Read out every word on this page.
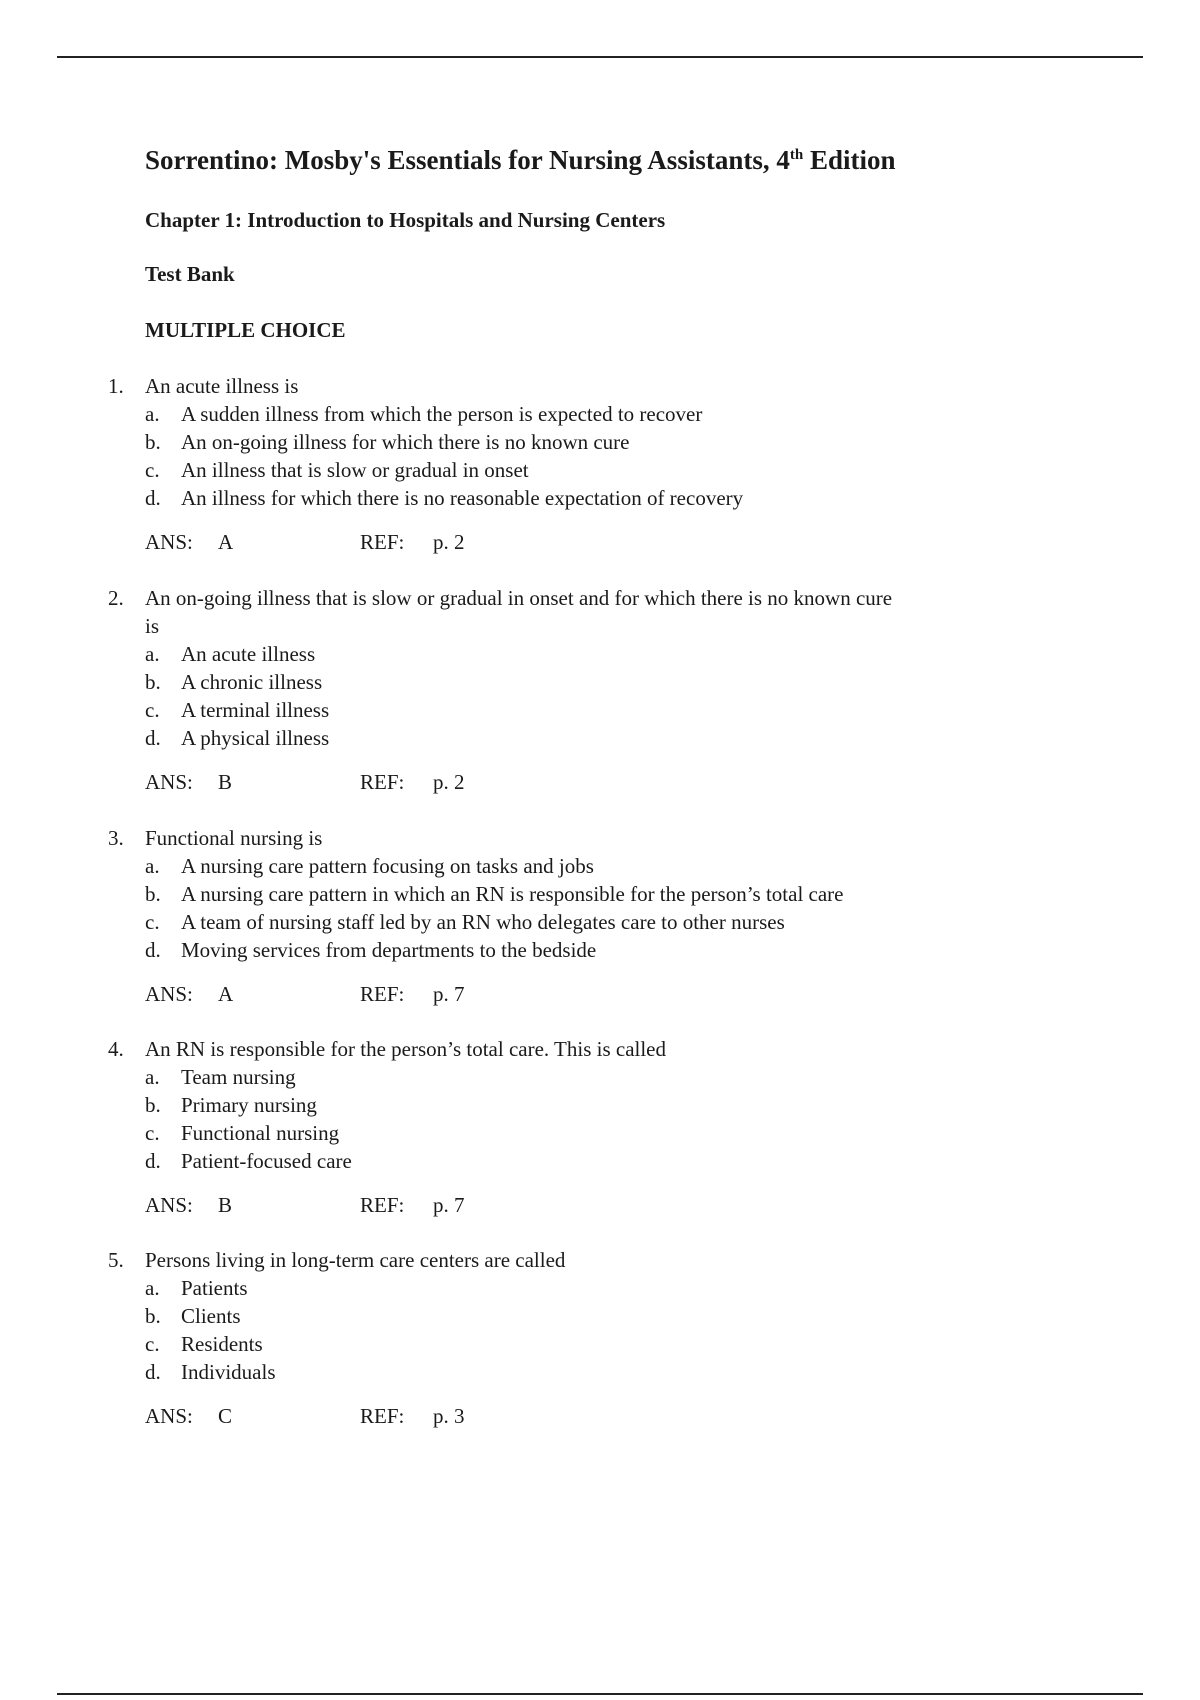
Sorrentino: Mosby's Essentials for Nursing Assistants, 4th Edition
Chapter 1: Introduction to Hospitals and Nursing Centers
Test Bank
MULTIPLE CHOICE
1. An acute illness is
a. A sudden illness from which the person is expected to recover
b. An on-going illness for which there is no known cure
c. An illness that is slow or gradual in onset
d. An illness for which there is no reasonable expectation of recovery
ANS: A	REF: p. 2
2. An on-going illness that is slow or gradual in onset and for which there is no known cure
is
a. An acute illness
b. A chronic illness
c. A terminal illness
d. A physical illness
ANS: B	REF: p. 2
3. Functional nursing is
a. A nursing care pattern focusing on tasks and jobs
b. A nursing care pattern in which an RN is responsible for the person’s total care
c. A team of nursing staff led by an RN who delegates care to other nurses
d. Moving services from departments to the bedside
ANS: A	REF: p. 7
4. An RN is responsible for the person’s total care. This is called
a. Team nursing
b. Primary nursing
c. Functional nursing
d. Patient-focused care
ANS: B	REF: p. 7
5. Persons living in long-term care centers are called
a. Patients
b. Clients
c. Residents
d. Individuals
ANS: C	REF: p. 3
